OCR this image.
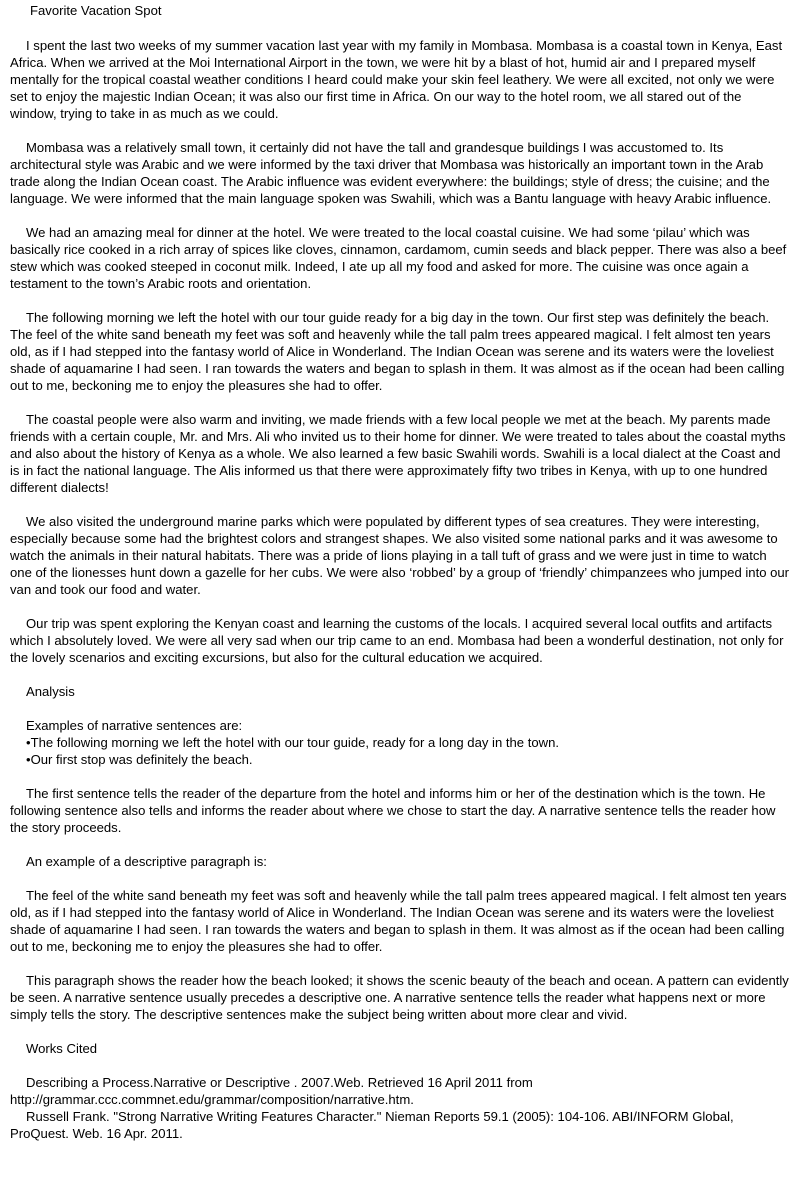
Favorite Vacation Spot

I spent the last two weeks of my summer vacation last year with my family in Mombasa. Mombasa is a coastal town in Kenya, East Africa. When we arrived at the Moi International Airport in the town, we were hit by a blast of hot, humid air and I prepared myself mentally for the tropical coastal weather conditions I heard could make your skin feel leathery. We were all excited, not only we were set to enjoy the majestic Indian Ocean; it was also our first time in Africa. On our way to the hotel room, we all stared out of the window, trying to take in as much as we could.

Mombasa was a relatively small town, it certainly did not have the tall and grandesque buildings I was accustomed to. Its architectural style was Arabic and we were informed by the taxi driver that Mombasa was historically an important town in the Arab trade along the Indian Ocean coast. The Arabic influence was evident everywhere: the buildings; style of dress; the cuisine; and the language. We were informed that the main language spoken was Swahili, which was a Bantu language with heavy Arabic influence.

We had an amazing meal for dinner at the hotel. We were treated to the local coastal cuisine. We had some ‘pilau’ which was basically rice cooked in a rich array of spices like cloves, cinnamon, cardamom, cumin seeds and black pepper. There was also a beef stew which was cooked steeped in coconut milk. Indeed, I ate up all my food and asked for more. The cuisine was once again a testament to the town’s Arabic roots and orientation.

The following morning we left the hotel with our tour guide ready for a big day in the town. Our first step was definitely the beach. The feel of the white sand beneath my feet was soft and heavenly while the tall palm trees appeared magical. I felt almost ten years old, as if I had stepped into the fantasy world of Alice in Wonderland. The Indian Ocean was serene and its waters were the loveliest shade of aquamarine I had seen. I ran towards the waters and began to splash in them. It was almost as if the ocean had been calling out to me, beckoning me to enjoy the pleasures she had to offer.

The coastal people were also warm and inviting, we made friends with a few local people we met at the beach. My parents made friends with a certain couple, Mr. and Mrs. Ali who invited us to their home for dinner. We were treated to tales about the coastal myths and also about the history of Kenya as a whole. We also learned a few basic Swahili words. Swahili is a local dialect at the Coast and is in fact the national language. The Alis informed us that there were approximately fifty two tribes in Kenya, with up to one hundred different dialects!

We also visited the underground marine parks which were populated by different types of sea creatures. They were interesting, especially because some had the brightest colors and strangest shapes. We also visited some national parks and it was awesome to watch the animals in their natural habitats. There was a pride of lions playing in a tall tuft of grass and we were just in time to watch one of the lionesses hunt down a gazelle for her cubs. We were also ‘robbed’ by a group of ‘friendly’ chimpanzees who jumped into our van and took our food and water.

Our trip was spent exploring the Kenyan coast and learning the customs of the locals. I acquired several local outfits and artifacts which I absolutely loved. We were all very sad when our trip came to an end. Mombasa had been a wonderful destination, not only for the lovely scenarios and exciting excursions, but also for the cultural education we acquired.

Analysis
Examples of narrative sentences are:
•The following morning we left the hotel with our tour guide, ready for a long day in the town.
•Our first stop was definitely the beach.

The first sentence tells the reader of the departure from the hotel and informs him or her of the destination which is the town. He following sentence also tells and informs the reader about where we chose to start the day. A narrative sentence tells the reader how the story proceeds.

An example of a descriptive paragraph is:

The feel of the white sand beneath my feet was soft and heavenly while the tall palm trees appeared magical. I felt almost ten years old, as if I had stepped into the fantasy world of Alice in Wonderland. The Indian Ocean was serene and its waters were the loveliest shade of aquamarine I had seen. I ran towards the waters and began to splash in them. It was almost as if the ocean had been calling out to me, beckoning me to enjoy the pleasures she had to offer.

This paragraph shows the reader how the beach looked; it shows the scenic beauty of the beach and ocean. A pattern can evidently be seen. A narrative sentence usually precedes a descriptive one. A narrative sentence tells the reader what happens next or more simply tells the story. The descriptive sentences make the subject being written about more clear and vivid.

Works Cited

Describing a Process.Narrative or Descriptive . 2007.Web. Retrieved 16 April 2011 from http://grammar.ccc.commnet.edu/grammar/composition/narrative.htm.

Russell Frank. "Strong Narrative Writing Features Character." Nieman Reports 59.1 (2005): 104-106. ABI/INFORM Global, ProQuest. Web. 16 Apr. 2011.
